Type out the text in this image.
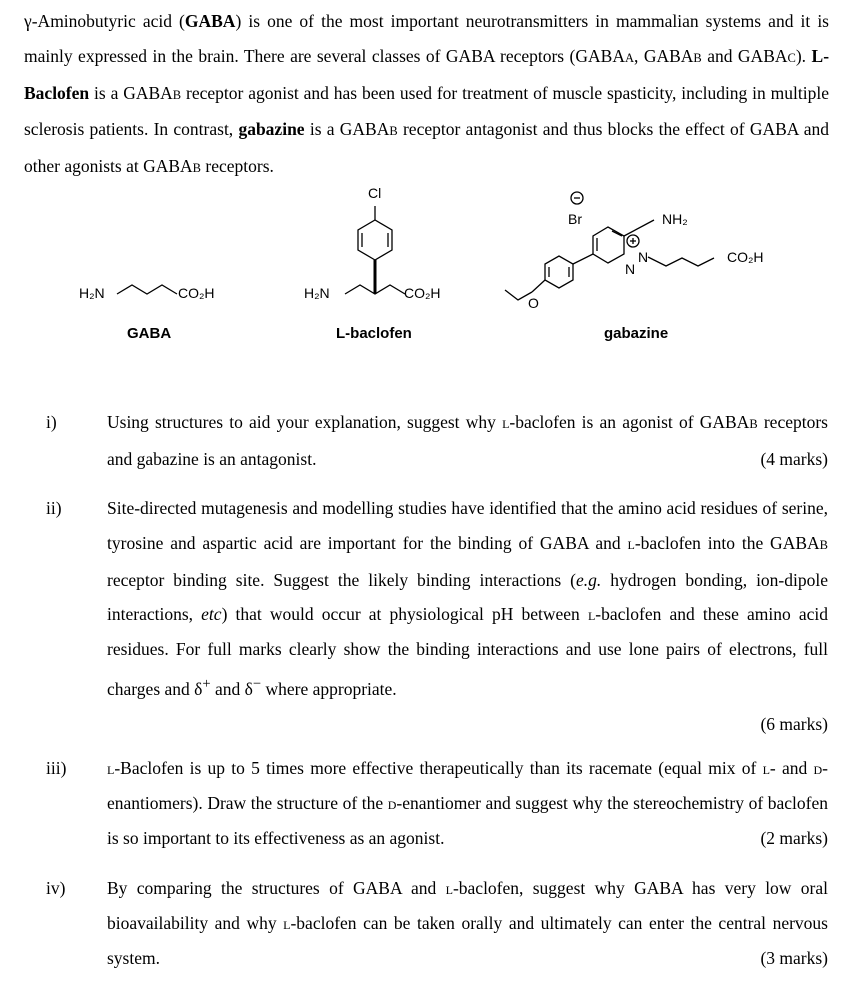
γ-Aminobutyric acid (GABA) is one of the most important neurotransmitters in mammalian systems and it is mainly expressed in the brain. There are several classes of GABA receptors (GABAA, GABAB and GABAC). L-Baclofen is a GABAB receptor agonist and has been used for treatment of muscle spasticity, including in multiple sclerosis patients. In contrast, gabazine is a GABAB receptor antagonist and thus blocks the effect of GABA and other agonists at GABAB receptors.
H₂N	CO₂H	H₂N	CO₂H
Cl
Br	NH₂
CO₂H
N
N
O
GABA	L-baclofen	gabazine
i)	Using structures to aid your explanation, suggest why l-baclofen is an agonist of GABAB receptors and gabazine is an antagonist.	(4 marks)
ii)	Site-directed mutagenesis and modelling studies have identified that the amino acid residues of serine, tyrosine and aspartic acid are important for the binding of GABA and l-baclofen into the GABAB receptor binding site. Suggest the likely binding interactions (e.g. hydrogen bonding, ion-dipole interactions, etc) that would occur at physiological pH between l-baclofen and these amino acid residues. For full marks clearly show the binding interactions and use lone pairs of electrons, full charges and δ+ and δ− where appropriate.

(6 marks)
iii)	l-Baclofen is up to 5 times more effective therapeutically than its racemate (equal mix of l- and d-enantiomers). Draw the structure of the d-enantiomer and suggest why the stereochemistry of baclofen is so important to its effectiveness as an agonist.	(2 marks)
iv)	By comparing the structures of GABA and l-baclofen, suggest why GABA has very low oral bioavailability and why l-baclofen can be taken orally and ultimately can enter the central nervous system.	(3 marks)
